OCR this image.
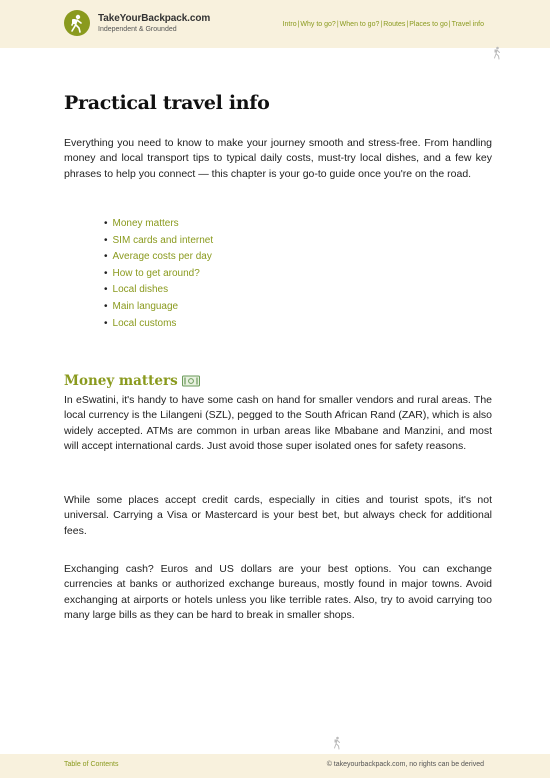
TakeYourBackpack.com
Independent & Grounded
Intro | Why to go? | When to go? | Routes | Places to go | Travel info
Practical travel info

Everything you need to know to make your journey smooth and stress-free. From handling money and local transport tips to typical daily costs, must-try local dishes, and a few key phrases to help you connect — this chapter is your go-to guide once you're on the road.

• Money matters
• SIM cards and internet
• Average costs per day
• How to get around?
• Local dishes
• Main language
• Local customs
Money matters

In eSwatini, it's handy to have some cash on hand for smaller vendors and rural areas. The local currency is the Lilangeni (SZL), pegged to the South African Rand (ZAR), which is also widely accepted. ATMs are common in urban areas like Mbabane and Manzini, and most will accept international cards. Just avoid those super isolated ones for safety reasons.

While some places accept credit cards, especially in cities and tourist spots, it's not universal. Carrying a Visa or Mastercard is your best bet, but always check for additional fees.

Exchanging cash? Euros and US dollars are your best options. You can exchange currencies at banks or authorized exchange bureaus, mostly found in major towns. Avoid exchanging at airports or hotels unless you like terrible rates. Also, try to avoid carrying too many large bills as they can be hard to break in smaller shops.

Table of Contents	© takeyourbackpack.com, no rights can be derived
